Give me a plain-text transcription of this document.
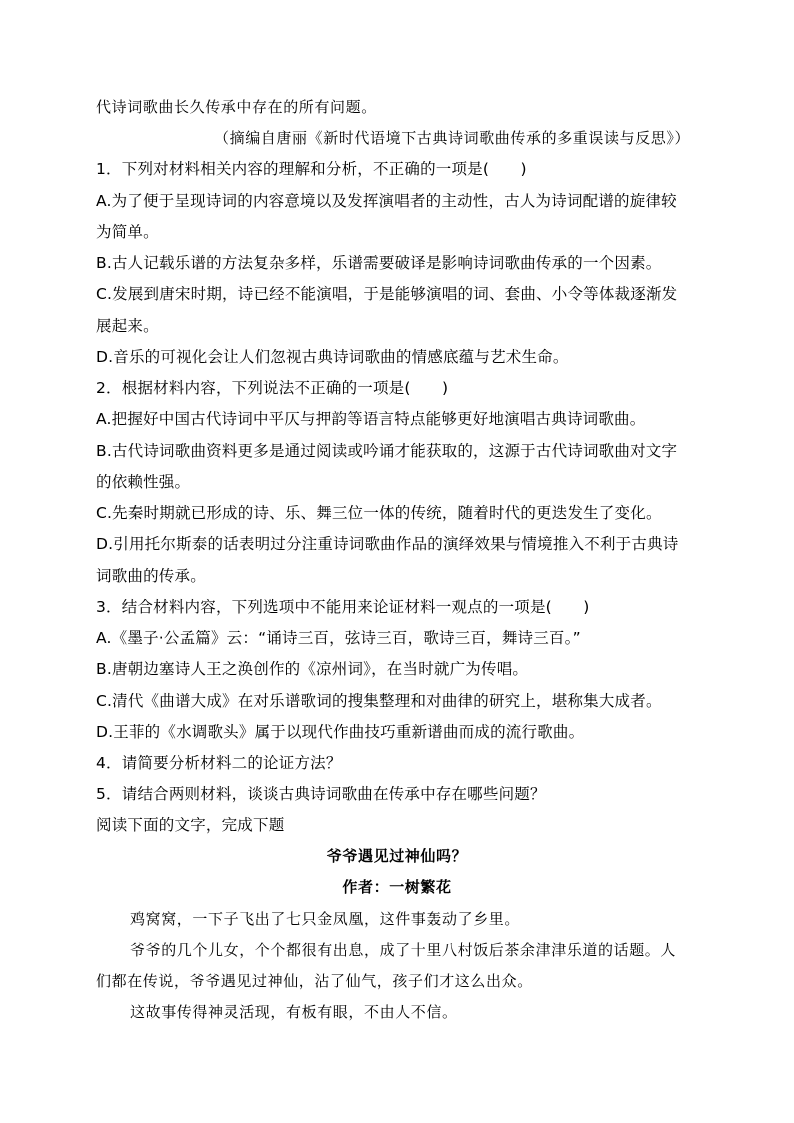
代诗词歌曲长久传承中存在的所有问题。
（摘编自唐丽《新时代语境下古典诗词歌曲传承的多重误读与反思》）
1．下列对材料相关内容的理解和分析，不正确的一项是(　　)
A.为了便于呈现诗词的内容意境以及发挥演唱者的主动性，古人为诗词配谱的旋律较
为简单。
B.古人记载乐谱的方法复杂多样，乐谱需要破译是影响诗词歌曲传承的一个因素。
C.发展到唐宋时期，诗已经不能演唱，于是能够演唱的词、套曲、小令等体裁逐渐发
展起来。
D.音乐的可视化会让人们忽视古典诗词歌曲的情感底蕴与艺术生命。
2．根据材料内容，下列说法不正确的一项是(　　)
A.把握好中国古代诗词中平仄与押韵等语言特点能够更好地演唱古典诗词歌曲。
B.古代诗词歌曲资料更多是通过阅读或吟诵才能获取的，这源于古代诗词歌曲对文字
的依赖性强。
C.先秦时期就已形成的诗、乐、舞三位一体的传统，随着时代的更迭发生了变化。
D.引用托尔斯泰的话表明过分注重诗词歌曲作品的演绎效果与情境推入不利于古典诗
词歌曲的传承。
3．结合材料内容，下列选项中不能用来论证材料一观点的一项是(　　)
A.《墨子·公孟篇》云：“诵诗三百，弦诗三百，歌诗三百，舞诗三百。”
B.唐朝边塞诗人王之涣创作的《凉州词》，在当时就广为传唱。
C.清代《曲谱大成》在对乐谱歌词的搜集整理和对曲律的研究上，堪称集大成者。
D.王菲的《水调歌头》属于以现代作曲技巧重新谱曲而成的流行歌曲。
4．请简要分析材料二的论证方法？
5．请结合两则材料，谈谈古典诗词歌曲在传承中存在哪些问题？
阅读下面的文字，完成下题
爷爷遇见过神仙吗？
作者：一树繁花
鸡窝窝，一下子飞出了七只金凤凰，这件事轰动了乡里。
爷爷的几个儿女，个个都很有出息，成了十里八村饭后茶余津津乐道的话题。人
们都在传说，爷爷遇见过神仙，沾了仙气，孩子们才这么出众。
这故事传得神灵活现，有板有眼，不由人不信。
